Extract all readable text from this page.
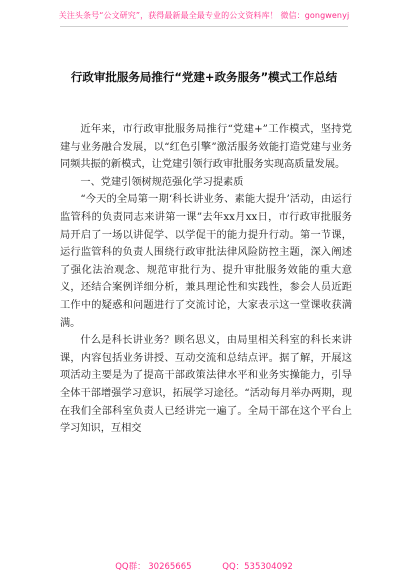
关注头条号“公文研究”，获得最新最全最专业的公文资料库！ 微信：gongwenyj
行政审批服务局推行“党建+政务服务”模式工作总结

近年来，市行政审批服务局推行“党建+”工作模式，坚持党建与业务融合发展，以“红色引擎”激活服务效能打造党建与业务同频共振的新模式，让党建引领行政审批服务实现高质量发展。

一、党建引领树规范强化学习提素质

“今天的全局第一期‘科长讲业务、素能大提升’活动，由运行监管科的负责同志来讲第一课”去年xx月xx日，市行政审批服务局开启了一场以讲促学、以学促干的能力提升行动。第一节课，运行监管科的负责人围绕行政审批法律风险防控主题，深入阐述了强化法治观念、规范审批行为、提升审批服务效能的重大意义，还结合案例详细分析，兼具理论性和实践性，参会人员近距工作中的疑惑和问题进行了交流讨论，大家表示这一堂课收获满满。

什么是科长讲业务？顾名思义，由局里相关科室的科长来讲课，内容包括业务讲授、互动交流和总结点评。据了解，开展这项活动主要是为了提高干部政策法律水平和业务实操能力，引导全体干部增强学习意识，拓展学习途径。“活动每月举办两期，现在我们全部科室负责人已经讲完一遍了。全局干部在这个平台上学习知识，互相交

QQ群： 30265665	QQ：535304092
